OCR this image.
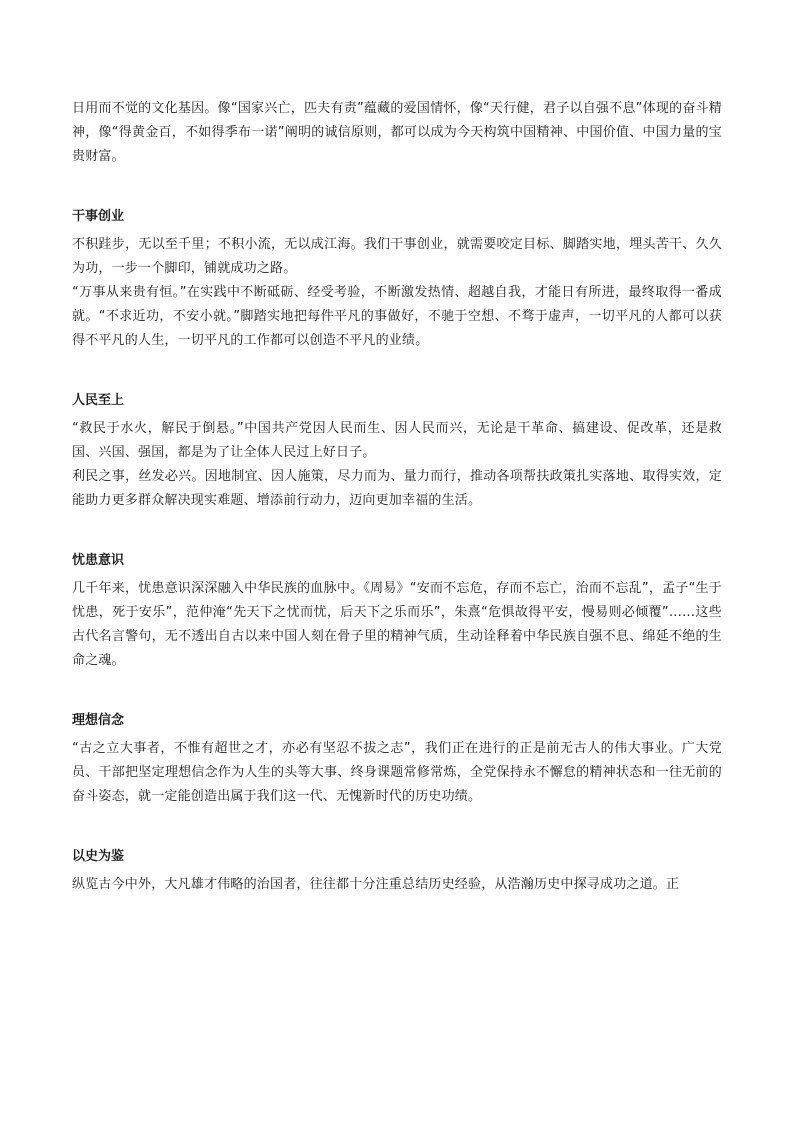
日用而不觉的文化基因。像“国家兴亡，匹夫有责”蕴藏的爱国情怀，像“天行健，君子以自强不息”体现的奋斗精神，像“得黄金百，不如得季布一诺”阐明的诚信原则，都可以成为今天构筑中国精神、中国价值、中国力量的宝贵财富。

干事创业

不积跬步，无以至千里；不积小流，无以成江海。我们干事创业，就需要咬定目标、脚踏实地，埋头苦干、久久为功，一步一个脚印，铺就成功之路。

“万事从来贵有恒。”在实践中不断砥砺、经受考验，不断激发热情、超越自我，才能日有所进，最终取得一番成就。“不求近功，不安小就。”脚踏实地把每件平凡的事做好，不驰于空想、不骛于虚声，一切平凡的人都可以获得不平凡的人生，一切平凡的工作都可以创造不平凡的业绩。

人民至上

“救民于水火，解民于倒悬。”中国共产党因人民而生、因人民而兴，无论是干革命、搞建设、促改革，还是救国、兴国、强国，都是为了让全体人民过上好日子。

利民之事，丝发必兴。因地制宜、因人施策，尽力而为、量力而行，推动各项帮扶政策扎实落地、取得实效，定能助力更多群众解决现实难题、增添前行动力，迈向更加幸福的生活。

忧患意识

几千年来，忧患意识深深融入中华民族的血脉中。《周易》“安而不忘危，存而不忘亡，治而不忘乱”，孟子“生于忧患，死于安乐”，范仲淹“先天下之忧而忧，后天下之乐而乐”，朱熹“危惧故得平安，慢易则必倾覆”……这些古代名言警句，无不透出自古以来中国人刻在骨子里的精神气质，生动诠释着中华民族自强不息、绵延不绝的生命之魂。

理想信念

“古之立大事者，不惟有超世之才，亦必有坚忍不拔之志”，我们正在进行的正是前无古人的伟大事业。广大党员、干部把坚定理想信念作为人生的头等大事、终身课题常修常炼，全党保持永不懈怠的精神状态和一往无前的奋斗姿态，就一定能创造出属于我们这一代、无愧新时代的历史功绩。

以史为鉴

纵览古今中外，大凡雄才伟略的治国者，往往都十分注重总结历史经验，从浩瀚历史中探寻成功之道。正
